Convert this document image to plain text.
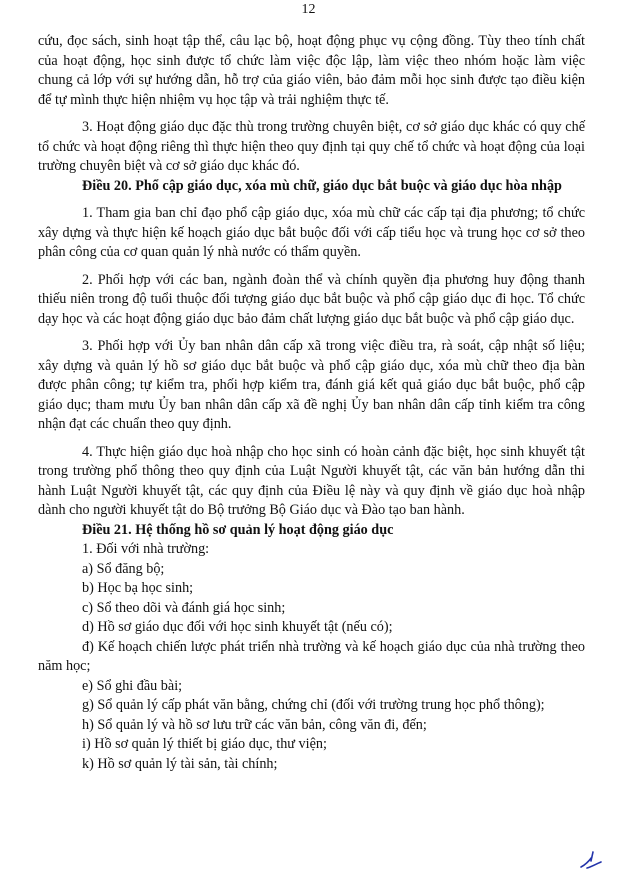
12

cứu, đọc sách, sinh hoạt tập thể, câu lạc bộ, hoạt động phục vụ cộng đồng. Tùy theo tính chất của hoạt động, học sinh được tổ chức làm việc độc lập, làm việc theo nhóm hoặc làm việc chung cả lớp với sự hướng dẫn, hỗ trợ của giáo viên, bảo đảm mỗi học sinh được tạo điều kiện để tự mình thực hiện nhiệm vụ học tập và trải nghiệm thực tế.

3. Hoạt động giáo dục đặc thù trong trường chuyên biệt, cơ sở giáo dục khác có quy chế tổ chức và hoạt động riêng thì thực hiện theo quy định tại quy chế tổ chức và hoạt động của loại trường chuyên biệt và cơ sở giáo dục khác đó.

Điều 20. Phổ cập giáo dục, xóa mù chữ, giáo dục bắt buộc và giáo dục hòa nhập

1. Tham gia ban chỉ đạo phổ cập giáo dục, xóa mù chữ các cấp tại địa phương; tổ chức xây dựng và thực hiện kế hoạch giáo dục bắt buộc đối với cấp tiểu học và trung học cơ sở theo phân công của cơ quan quản lý nhà nước có thẩm quyền.

2. Phối hợp với các ban, ngành đoàn thể và chính quyền địa phương huy động thanh thiếu niên trong độ tuổi thuộc đối tượng giáo dục bắt buộc và phổ cập giáo dục đi học. Tổ chức dạy học và các hoạt động giáo dục bảo đảm chất lượng giáo dục bắt buộc và phổ cập giáo dục.

3. Phối hợp với Ủy ban nhân dân cấp xã trong việc điều tra, rà soát, cập nhật số liệu; xây dựng và quản lý hồ sơ giáo dục bắt buộc và phổ cập giáo dục, xóa mù chữ theo địa bàn được phân công; tự kiểm tra, phối hợp kiểm tra, đánh giá kết quả giáo dục bắt buộc, phổ cập giáo dục; tham mưu Ủy ban nhân dân cấp xã đề nghị Ủy ban nhân dân cấp tỉnh kiểm tra công nhận đạt các chuẩn theo quy định.

4. Thực hiện giáo dục hoà nhập cho học sinh có hoàn cảnh đặc biệt, học sinh khuyết tật trong trường phổ thông theo quy định của Luật Người khuyết tật, các văn bản hướng dẫn thi hành Luật Người khuyết tật, các quy định của Điều lệ này và quy định về giáo dục hoà nhập dành cho người khuyết tật do Bộ trưởng Bộ Giáo dục và Đào tạo ban hành.

Điều 21. Hệ thống hồ sơ quản lý hoạt động giáo dục

1. Đối với nhà trường:

a) Sổ đăng bộ;

b) Học bạ học sinh;

c) Sổ theo dõi và đánh giá học sinh;

d) Hồ sơ giáo dục đối với học sinh khuyết tật (nếu có);

đ) Kế hoạch chiến lược phát triển nhà trường và kế hoạch giáo dục của nhà trường theo năm học;

e) Sổ ghi đầu bài;

g) Sổ quản lý cấp phát văn bằng, chứng chỉ (đối với trường trung học phổ thông);

h) Sổ quản lý và hồ sơ lưu trữ các văn bản, công văn đi, đến;

i) Hồ sơ quản lý thiết bị giáo dục, thư viện;

k) Hồ sơ quản lý tài sản, tài chính;
